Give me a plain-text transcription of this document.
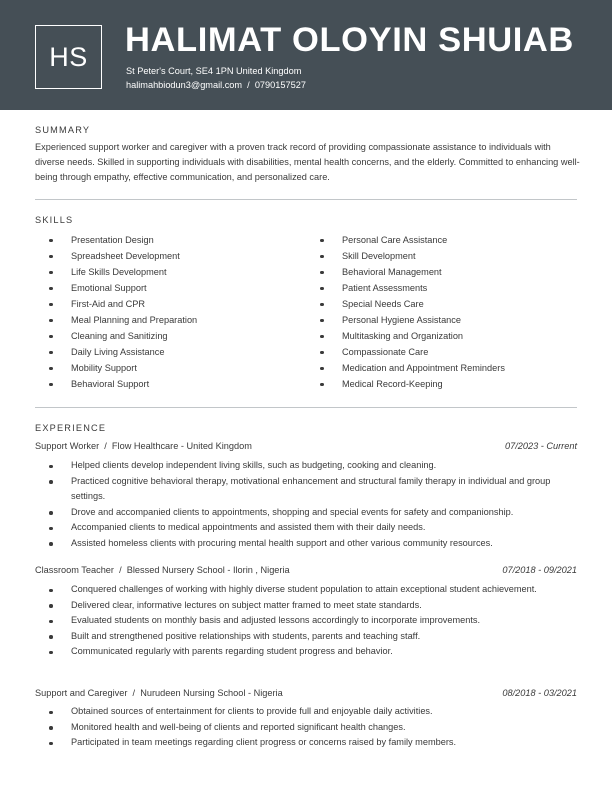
HS	HALIMAT OLOYIN SHUIAB
St Peter's Court, SE4 1PN United Kingdom
halimahbiodun3@gmail.com  /  0790157527
SUMMARY
Experienced support worker and caregiver with a proven track record of providing compassionate assistance to individuals with diverse needs. Skilled in supporting individuals with disabilities, mental health concerns, and the elderly. Committed to enhancing well-being through empathy, effective communication, and personalized care.
SKILLS
Presentation Design
Spreadsheet Development
Life Skills Development
Emotional Support
First-Aid and CPR
Meal Planning and Preparation
Cleaning and Sanitizing
Daily Living Assistance
Mobility Support
Behavioral Support
Personal Care Assistance
Skill Development
Behavioral Management
Patient Assessments
Special Needs Care
Personal Hygiene Assistance
Multitasking and Organization
Compassionate Care
Medication and Appointment Reminders
Medical Record-Keeping
EXPERIENCE
Support Worker  /  Flow Healthcare - United Kingdom	07/2023 - Current
Helped clients develop independent living skills, such as budgeting, cooking and cleaning.
Practiced cognitive behavioral therapy, motivational enhancement and structural family therapy in individual and group settings.
Drove and accompanied clients to appointments, shopping and special events for safety and companionship.
Accompanied clients to medical appointments and assisted them with their daily needs.
Assisted homeless clients with procuring mental health support and other various community resources.
Classroom Teacher  /  Blessed Nursery School - Ilorin , Nigeria	07/2018 - 09/2021
Conquered challenges of working with highly diverse student population to attain exceptional student achievement.
Delivered clear, informative lectures on subject matter framed to meet state standards.
Evaluated students on monthly basis and adjusted lessons accordingly to incorporate improvements.
Built and strengthened positive relationships with students, parents and teaching staff.
Communicated regularly with parents regarding student progress and behavior.
Support and Caregiver  /  Nurudeen Nursing School - Nigeria	08/2018 - 03/2021
Obtained sources of entertainment for clients to provide full and enjoyable daily activities.
Monitored health and well-being of clients and reported significant health changes.
Participated in team meetings regarding client progress or concerns raised by family members.
